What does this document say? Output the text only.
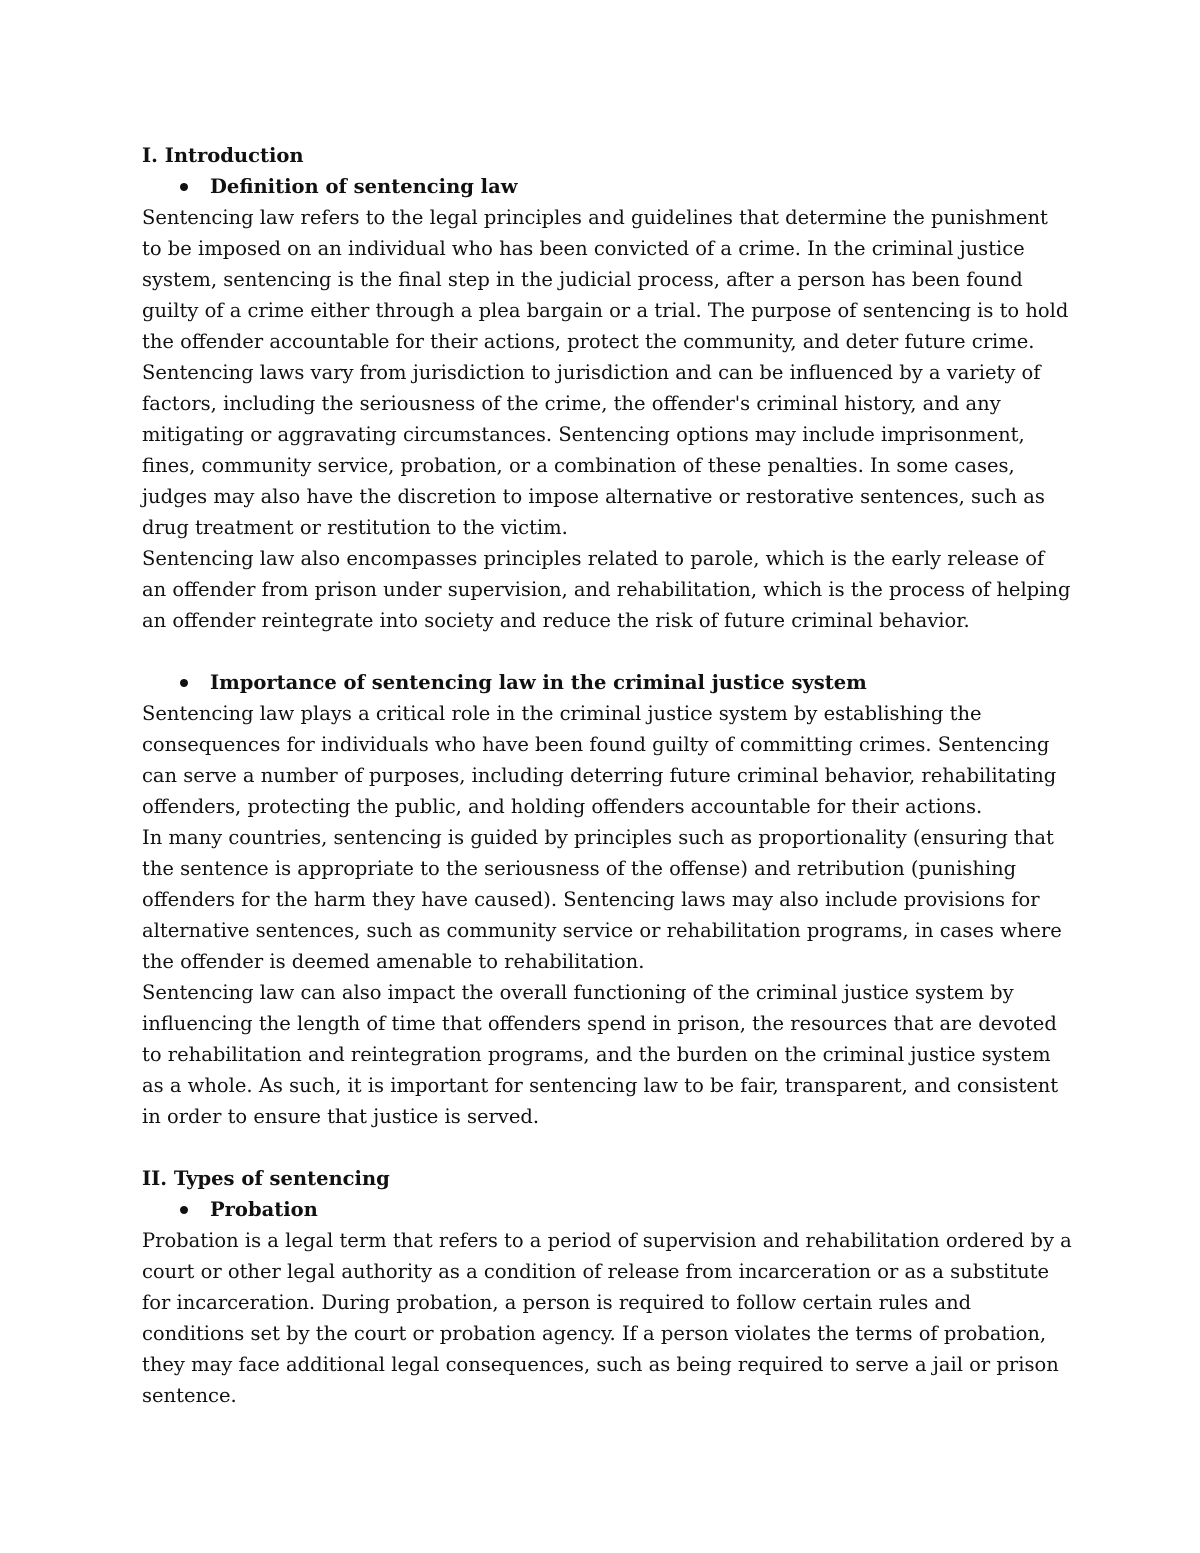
I. Introduction

Definition of sentencing law

Sentencing law refers to the legal principles and guidelines that determine the punishment to be imposed on an individual who has been convicted of a crime. In the criminal justice system, sentencing is the final step in the judicial process, after a person has been found guilty of a crime either through a plea bargain or a trial. The purpose of sentencing is to hold the offender accountable for their actions, protect the community, and deter future crime.

Sentencing laws vary from jurisdiction to jurisdiction and can be influenced by a variety of factors, including the seriousness of the crime, the offender's criminal history, and any mitigating or aggravating circumstances. Sentencing options may include imprisonment, fines, community service, probation, or a combination of these penalties. In some cases, judges may also have the discretion to impose alternative or restorative sentences, such as drug treatment or restitution to the victim.

Sentencing law also encompasses principles related to parole, which is the early release of an offender from prison under supervision, and rehabilitation, which is the process of helping an offender reintegrate into society and reduce the risk of future criminal behavior.

Importance of sentencing law in the criminal justice system

Sentencing law plays a critical role in the criminal justice system by establishing the consequences for individuals who have been found guilty of committing crimes. Sentencing can serve a number of purposes, including deterring future criminal behavior, rehabilitating offenders, protecting the public, and holding offenders accountable for their actions.

In many countries, sentencing is guided by principles such as proportionality (ensuring that the sentence is appropriate to the seriousness of the offense) and retribution (punishing offenders for the harm they have caused). Sentencing laws may also include provisions for alternative sentences, such as community service or rehabilitation programs, in cases where the offender is deemed amenable to rehabilitation.

Sentencing law can also impact the overall functioning of the criminal justice system by influencing the length of time that offenders spend in prison, the resources that are devoted to rehabilitation and reintegration programs, and the burden on the criminal justice system as a whole. As such, it is important for sentencing law to be fair, transparent, and consistent in order to ensure that justice is served.

II. Types of sentencing

Probation

Probation is a legal term that refers to a period of supervision and rehabilitation ordered by a court or other legal authority as a condition of release from incarceration or as a substitute for incarceration. During probation, a person is required to follow certain rules and conditions set by the court or probation agency. If a person violates the terms of probation, they may face additional legal consequences, such as being required to serve a jail or prison sentence.
